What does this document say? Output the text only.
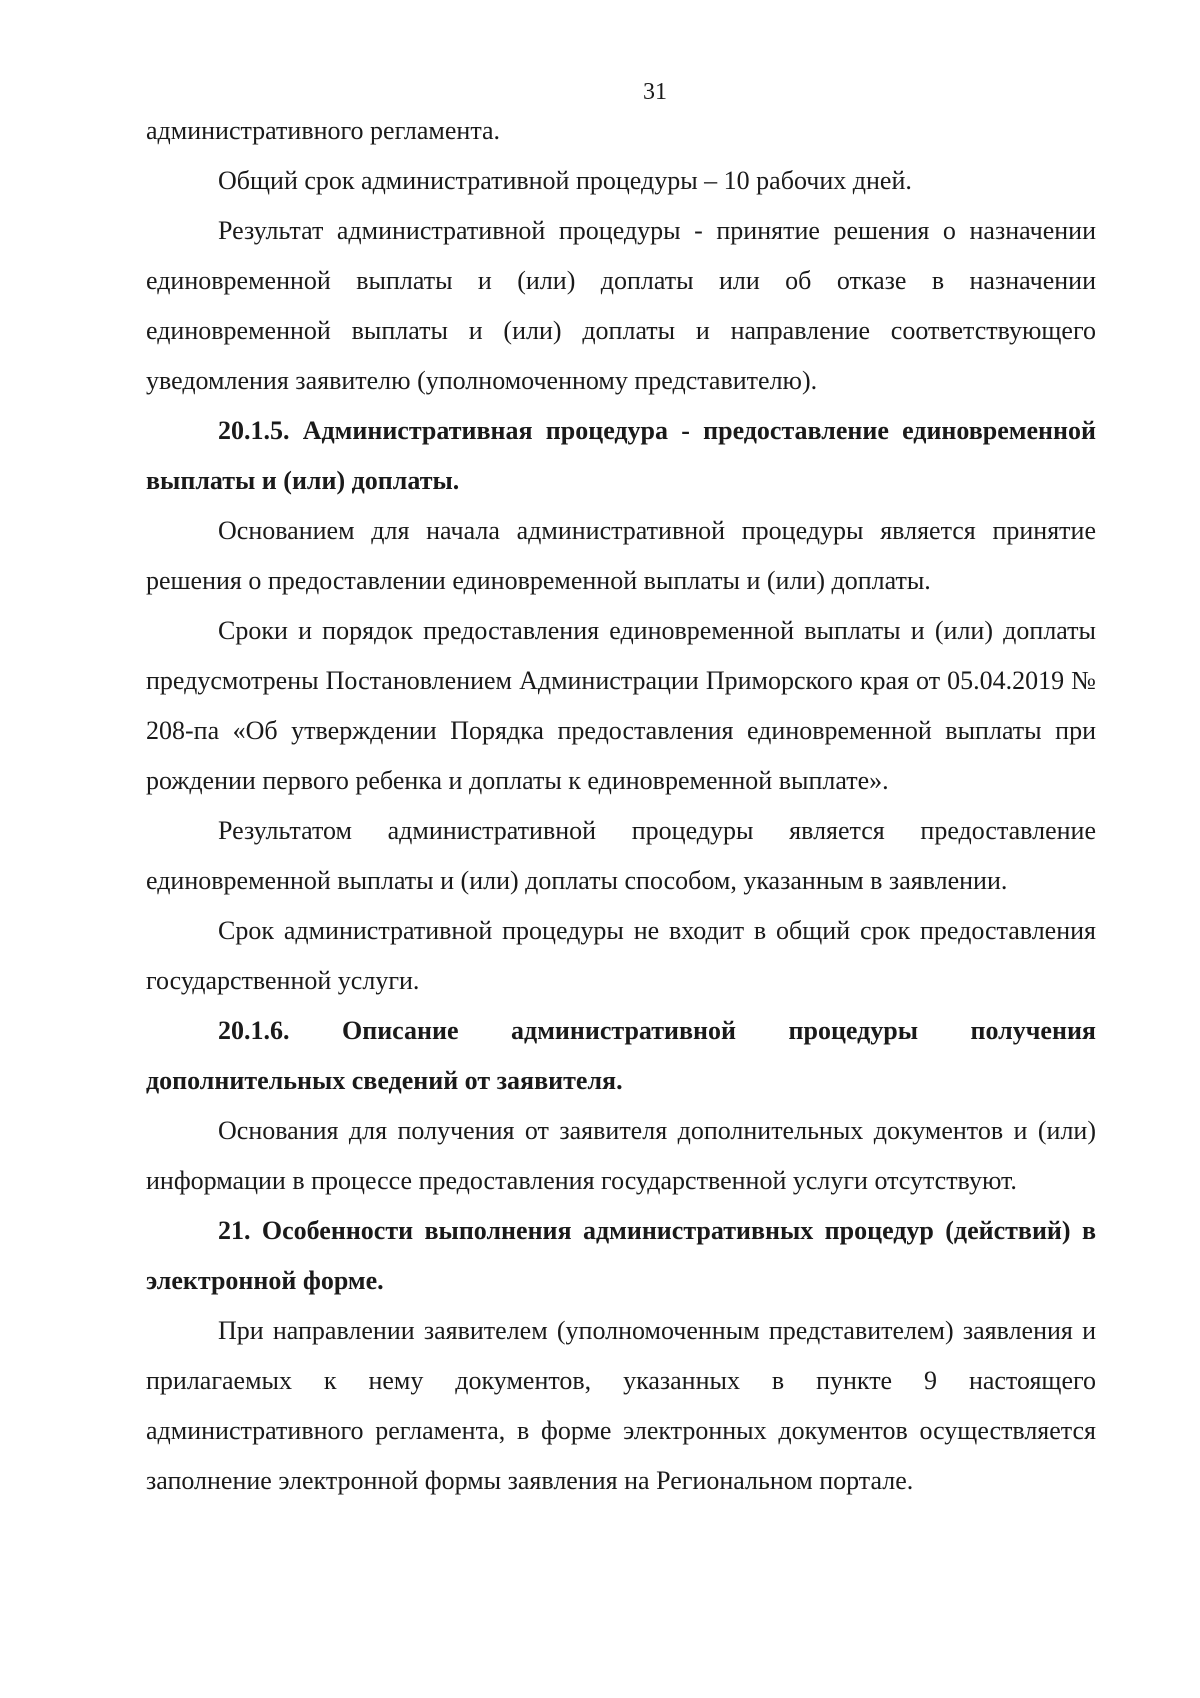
31

административного регламента.

Общий срок административной процедуры – 10 рабочих дней.

Результат административной процедуры - принятие решения о назначении единовременной выплаты и (или) доплаты или об отказе в назначении единовременной выплаты и (или) доплаты и направление соответствующего уведомления заявителю (уполномоченному представителю).

20.1.5. Административная процедура - предоставление единовременной выплаты и (или) доплаты.

Основанием для начала административной процедуры является принятие решения о предоставлении единовременной выплаты и (или) доплаты.

Сроки и порядок предоставления единовременной выплаты и (или) доплаты предусмотрены Постановлением Администрации Приморского края от 05.04.2019 № 208-па «Об утверждении Порядка предоставления единовременной выплаты при рождении первого ребенка и доплаты к единовременной выплате».

Результатом административной процедуры является предоставление единовременной выплаты и (или) доплаты способом, указанным в заявлении.

Срок административной процедуры не входит в общий срок предоставления государственной услуги.

20.1.6. Описание административной процедуры получения дополнительных сведений от заявителя.

Основания для получения от заявителя дополнительных документов и (или) информации в процессе предоставления государственной услуги отсутствуют.

21. Особенности выполнения административных процедур (действий) в электронной форме.

При направлении заявителем (уполномоченным представителем) заявления и прилагаемых к нему документов, указанных в пункте 9 настоящего административного регламента, в форме электронных документов осуществляется заполнение электронной формы заявления на Региональном портале.
